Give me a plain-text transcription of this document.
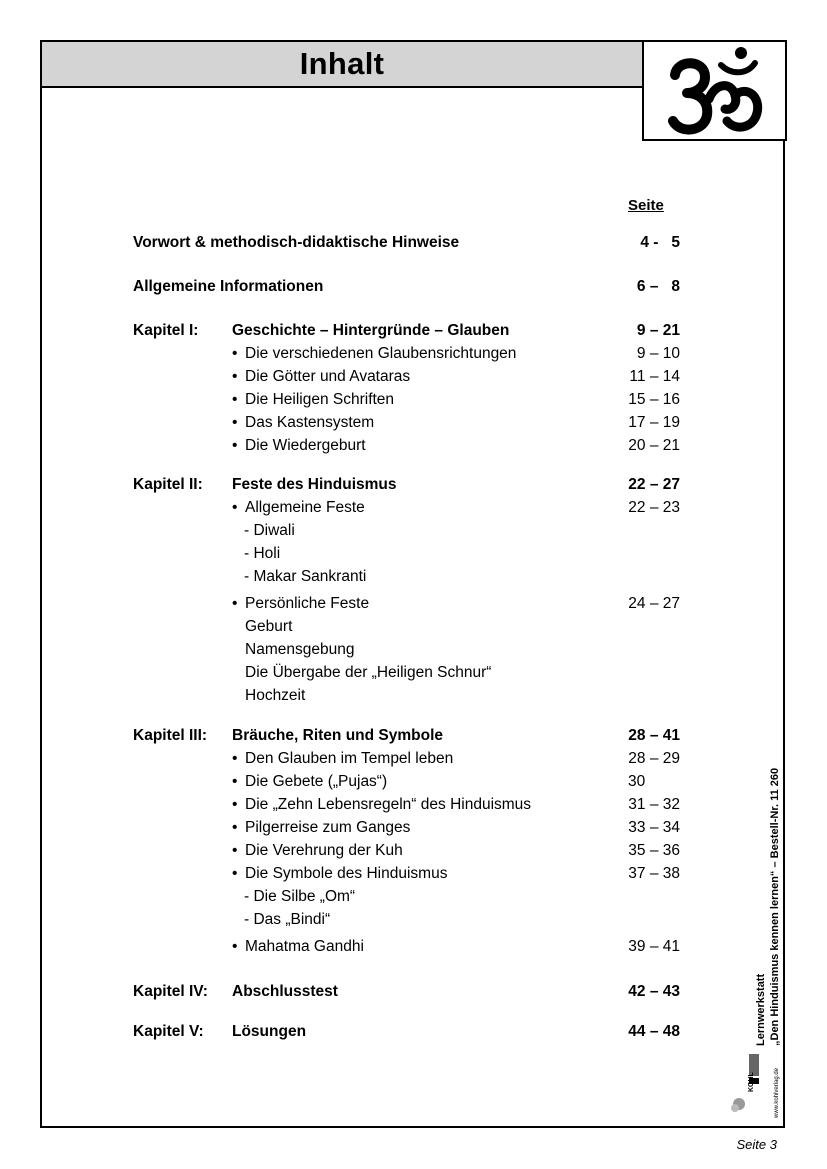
Inhalt
Seite
Vorwort & methodisch-didaktische Hinweise	4 -   5
Allgemeine Informationen	6 –   8
Kapitel I: Geschichte – Hintergründe – Glauben	9 – 21
• Die verschiedenen Glaubensrichtungen	9 – 10
• Die Götter und Avataras	11 – 14
• Die Heiligen Schriften	15 – 16
• Das Kastensystem	17 – 19
• Die Wiedergeburt	20 – 21
Kapitel II: Feste des Hinduismus	22 – 27
• Allgemeine Feste	22 – 23
- Diwali
- Holi
- Makar Sankranti
• Persönliche Feste	24 – 27
Geburt
Namensgebung
Die Übergabe der „Heiligen Schnur“
Hochzeit
Kapitel III: Bräuche, Riten und Symbole	28 – 41
• Den Glauben im Tempel leben	28 – 29
• Die Gebete („Pujas“)	30
• Die „Zehn Lebensregeln“ des Hinduismus	31 – 32
• Pilgerreise zum Ganges	33 – 34
• Die Verehrung der Kuh	35 – 36
• Die Symbole des Hinduismus	37 – 38
- Die Silbe „Om“
- Das „Bindi“
• Mahatma Gandhi	39 – 41
Kapitel IV: Abschlusstest	42 – 43
Kapitel V: Lösungen	44 – 48	Lernwerkstatt „Den Hinduismus kennen lernen“ – Bestell-Nr. 11 260
KOHL	www.kohlverlag.de
Seite 3
